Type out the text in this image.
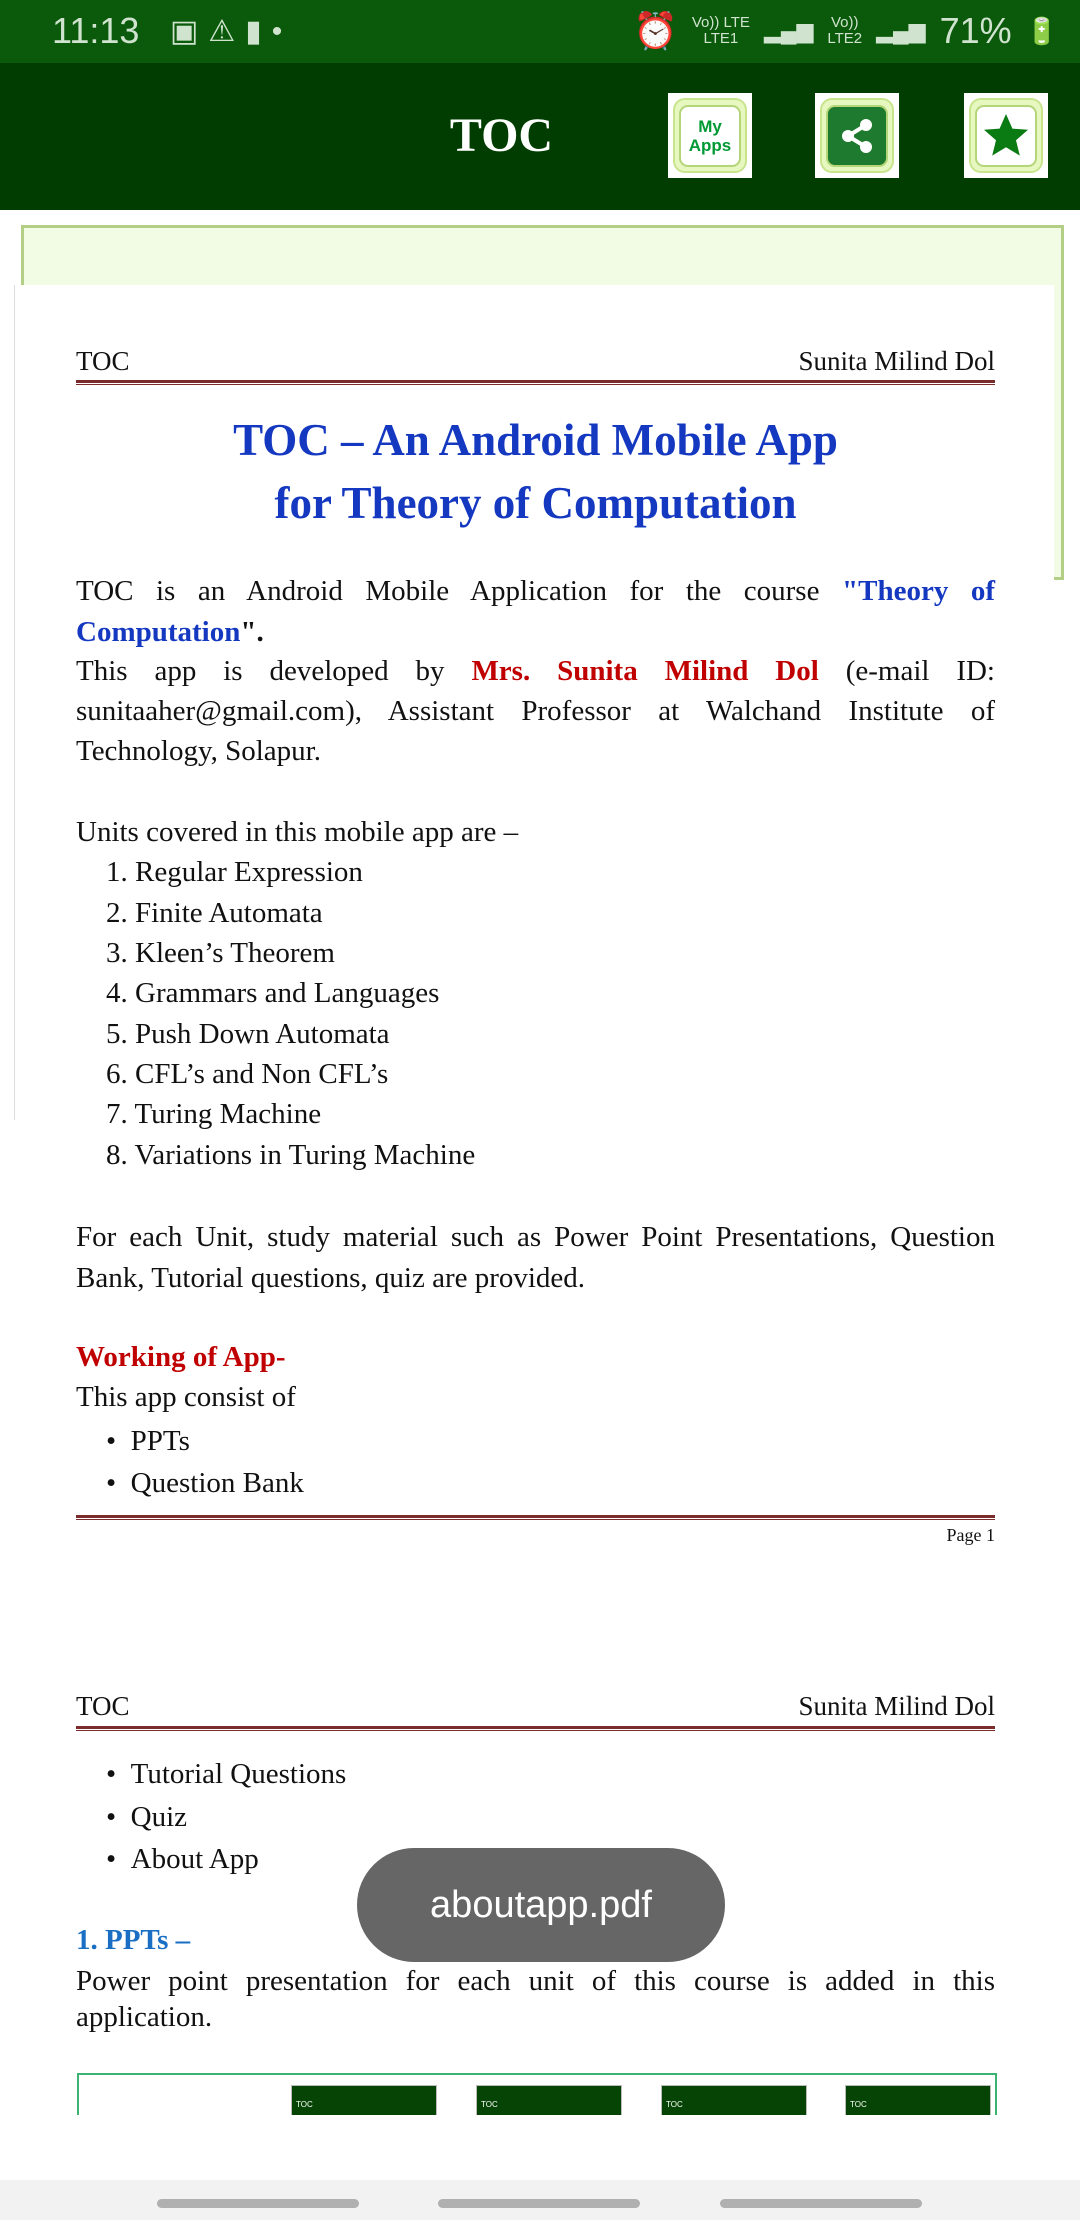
11:13 ▣⚠▮•	⏰ Vo)) LTE
LTE1	▂▄▆ Vo))
LTE2 ▂▄▆ 71% 🔋
TOC	My Apps
TOC	Sunita Milind Dol
TOC – An Android Mobile App
for Theory of Computation
TOC is an Android Mobile Application for the course "Theory of
Computation".
This app is developed by Mrs. Sunita Milind Dol (e-mail ID:
sunitaaher@gmail.com), Assistant Professor at Walchand Institute of
Technology, Solapur.
Units covered in this mobile app are –
1. Regular Expression
2. Finite Automata
3. Kleen’s Theorem
4. Grammars and Languages
5. Push Down Automata
6. CFL’s and Non CFL’s
7. Turing Machine
8. Variations in Turing Machine
For each Unit, study material such as Power Point Presentations, Question
Bank, Tutorial questions, quiz are provided.
Working of App-
This app consist of
•  PPTs
•  Question Bank
Page 1
TOC	Sunita Milind Dol
•  Tutorial Questions
•  Quiz
•  About App
1. PPTs –
Power point presentation for each unit of this course is added in this
application.
TOC	TOC	TOC	TOC
aboutapp.pdf
